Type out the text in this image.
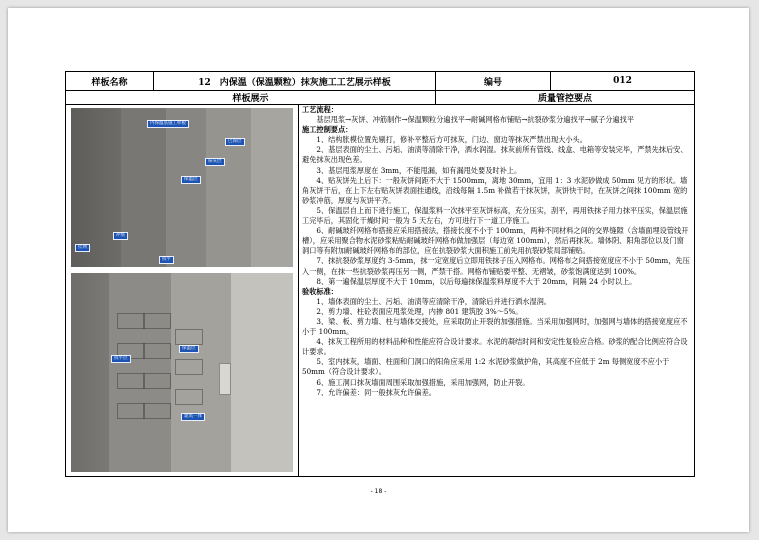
样板名称	12　内保温（保温颗粒）抹灰施工工艺展示样板	编号	012
样板展示		质量管控要点	
内保温基施工样板
巴保层
抹灰层
保温层
冲筋
挂网
找平
找平层
保温层
建筑一体

工艺流程：

基层甩浆→灰饼、冲筋制作→保温颗粒分遍找平→耐碱网格布铺贴→抗裂砂浆分遍找平→腻子分遍找平

施工控制要点：

1、结构胀模位置先剔打，修补平整后方可抹灰，门边、窗边等抹灰严禁出现大小头。

2、基层表面的尘土、污垢、油渍等清除干净，洒水润湿。抹灰前所有管线、线盒、电箱等安装完毕，严禁先抹后安、避免抹灰出现色差。

3、基层甩浆厚度在 3mm，不能甩漏，如有漏甩处要及时补上。

4、贴灰饼先上后下：一般灰饼间距不大于 1500mm，离地 30mm，宜用 1：3 水泥砂做成 50mm 见方的形状。墙角灰饼干后，在上下左右贴灰饼表面挂通线，沿线每隔 1.5m 补做若干抹灰饼，灰饼快干时，在灰饼之间抹 100mm 宽的砂浆冲筋，厚度与灰饼平齐。

5、保温层自上而下进行施工，保温浆料一次抹平至灰饼标高，充分压实，刮平，再用铁抹子用力抹平压实，保温层施工完毕后，其固化干燥时间一般为 5 天左右，方可进行下一道工序施工。

6、耐碱玻纤网格布搭接应采用搭接法，搭接长度不小于 100mm，两种不同材料之间的交界缝隙（含墙面埋设管线开槽），应采用聚合物水泥砂浆粘贴耐碱玻纤网格布做加强层（每边宽 100mm），然后再抹灰。墙体阴、阳角部位以及门窗洞口等有附加耐碱玻纤网格布的部位，应在抗裂砂浆大面积施工前先用抗裂砂浆局部铺贴。

7、抹抗裂砂浆厚度约 3-5mm，抹一定宽度后立即用铁抹子压入网格布。网格布之间搭接宽度应不小于 50mm，先压入一侧，在抹一些抗裂砂浆再压另一侧，严禁干搭。网格布铺贴要平整、无褶皱，砂浆饱满度达到 100%。

8、第一遍保温层厚度不大于 10mm，以后每遍抹保温浆料厚度不大于 20mm，间隔 24 小时以上。

验收标准：

1、墙体表面的尘土、污垢、油渍等应清除干净，清除后并进行洒水湿润。

2、剪力墙、柱砼表面应甩浆处理，内掺 801 建筑胶 3%～5%。

3、梁、板、剪力墙、柱与墙体交接处，应采取防止开裂的加强措施。当采用加强网时，加强网与墙体的搭接宽度应不小于 100mm。

4、抹灰工程所用的材料品种和性能应符合设计要求。水泥的凝结时间和安定性复验应合格。砂浆的配合比例应符合设计要求。

5、室内抹灰，墙面、柱面和门洞口的阳角应采用 1:2 水泥砂浆做护角，其高度不应低于 2m 每侧宽度不应小于 50mm（符合设计要求）。

6、施工洞口抹灰墙面周围采取加强措施，采用加强网，防止开裂。

7、允许偏差：同一般抹灰允许偏差。

- 18 -
